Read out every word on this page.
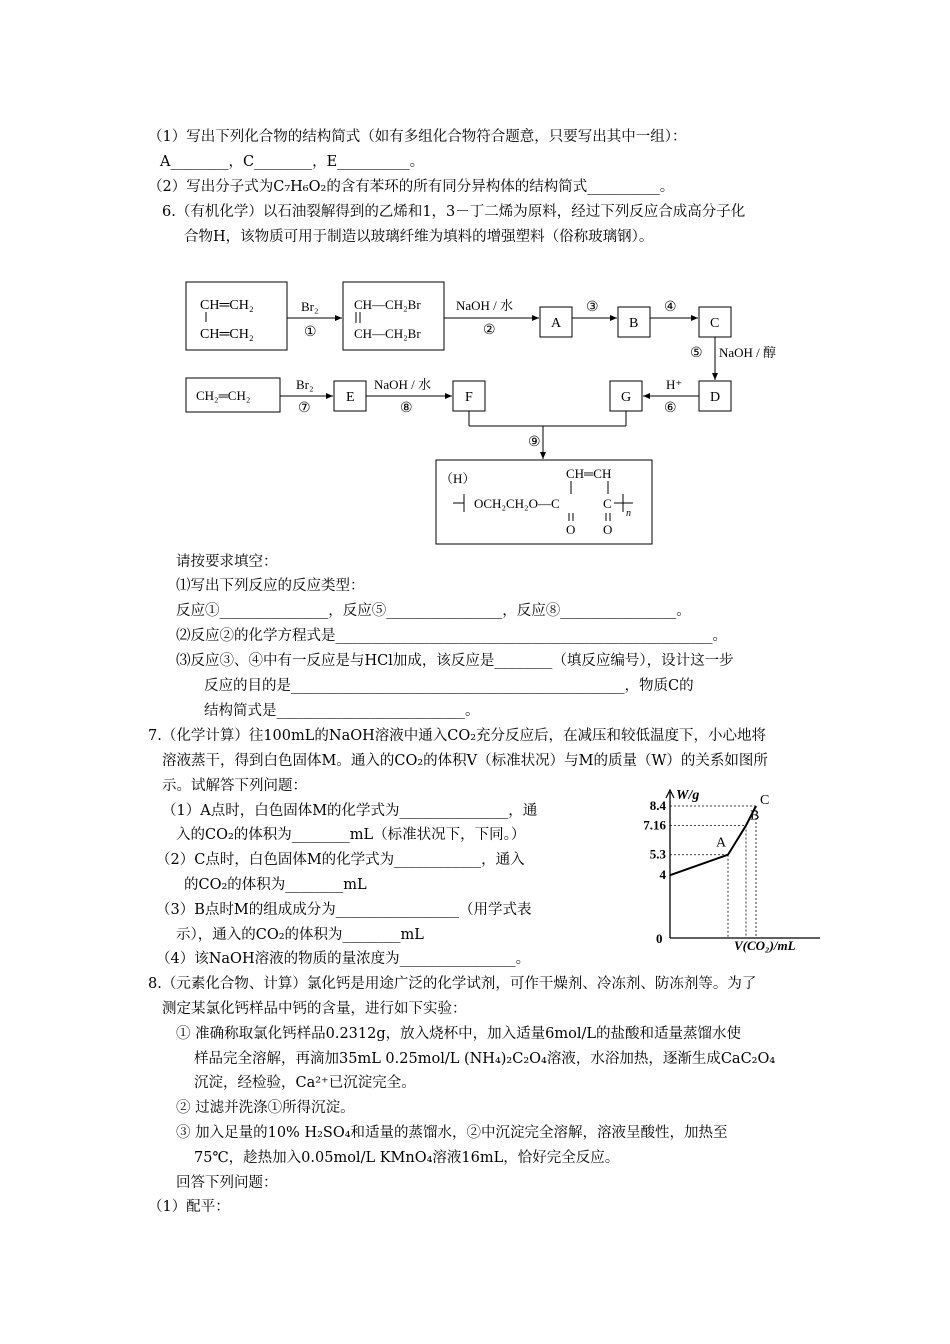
（1）写出下列化合物的结构简式（如有多组化合物符合题意，只要写出其中一组）：
A________，C________，E__________。
（2）写出分子式为C₇H₆O₂的含有苯环的所有同分异构体的结构简式__________。
6.（有机化学）以石油裂解得到的乙烯和1，3－丁二烯为原料，经过下列反应合成高分子化
合物H，该物质可用于制造以玻璃纤维为填料的增强塑料（俗称玻璃钢）。
CH═CH₂
CH═CH₂
CH—CH₂Br
CH—CH₂Br
CH₂═CH₂
Br₂	NaOH / 水
NaOH / 醇
H⁺
Br₂	NaOH / 水
①	②
③	④
⑤
⑥
⑦	⑧
⑨
A	B	C
D
E	F	G
（H）	CH═CH
OCH₂CH₂O—C	C
n
O O
请按要求填空：
⑴写出下列反应的反应类型：
反应①_______________，反应⑤________________，反应⑧________________。
⑵反应②的化学方程式是____________________________________________________。
⑶反应③、④中有一反应是与HCl加成，该反应是________（填反应编号），设计这一步
反应的目的是______________________________________________，物质C的
结构简式是__________________________。
7.（化学计算）往100mL的NaOH溶液中通入CO₂充分反应后，在减压和较低温度下，小心地将
溶液蒸干，得到白色固体M。通入的CO₂的体积V（标准状况）与M的质量（W）的关系如图所
示。试解答下列问题：
（1）A点时，白色固体M的化学式为_______________，通
入的CO₂的体积为________mL（标准状况下，下同。）
（2）C点时，白色固体M的化学式为____________，通入
的CO₂的体积为________mL
（3）B点时M的组成成分为_________________（用学式表
示），通入的CO₂的体积为________mL
（4）该NaOH溶液的物质的量浓度为________________。
W/g
V(CO₂)/mL
0
4
5.3
7.16
8.4
A
B
C
8.（元素化合物、计算）氯化钙是用途广泛的化学试剂，可作干燥剂、冷冻剂、防冻剂等。为了
测定某氯化钙样品中钙的含量，进行如下实验：
① 准确称取氯化钙样品0.2312g，放入烧杯中，加入适量6mol/L的盐酸和适量蒸馏水使
样品完全溶解，再滴加35mL 0.25mol/L (NH₄)₂C₂O₄溶液，水浴加热，逐渐生成CaC₂O₄
沉淀，经检验，Ca²⁺已沉淀完全。
② 过滤并洗涤①所得沉淀。
③ 加入足量的10% H₂SO₄和适量的蒸馏水，②中沉淀完全溶解，溶液呈酸性，加热至
75℃，趁热加入0.05mol/L KMnO₄溶液16mL，恰好完全反应。
回答下列问题：
（1）配平：
